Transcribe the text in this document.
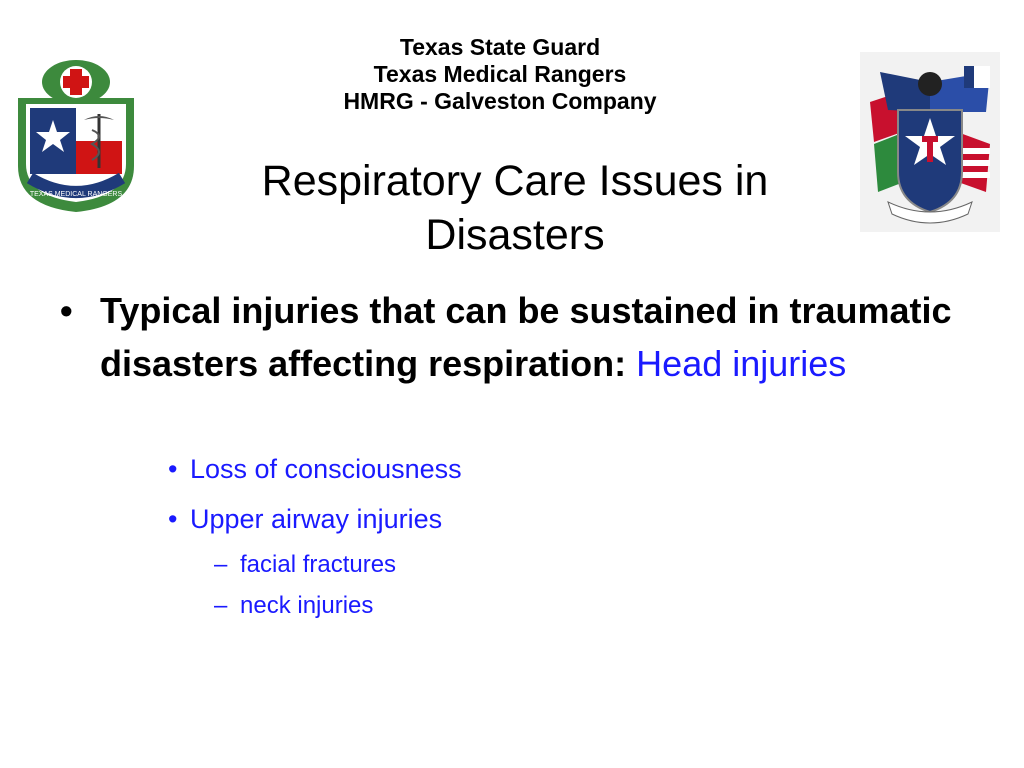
Texas State Guard
Texas Medical Rangers
HMRG - Galveston Company
TEXAS MEDICAL RANGERS	Respiratory Care Issues in
Disasters
• Typical injuries that can be sustained in traumatic disasters affecting respiration: Head injuries
• Loss of consciousness
• Upper airway injuries
– facial fractures
– neck injuries
